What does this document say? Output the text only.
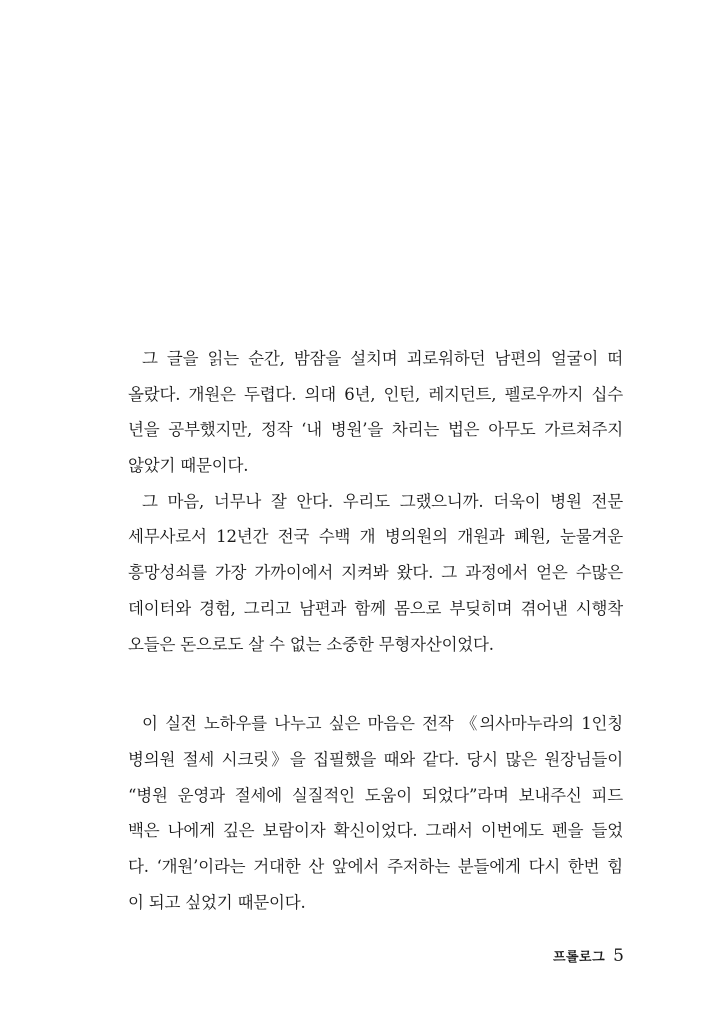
그 글을 읽는 순간, 밤잠을 설치며 괴로워하던 남편의 얼굴이 떠
올랐다. 개원은 두렵다. 의대 6년, 인턴, 레지던트, 펠로우까지 십수
년을 공부했지만, 정작 ‘내 병원’을 차리는 법은 아무도 가르쳐주지
않았기 때문이다.
그 마음, 너무나 잘 안다. 우리도 그랬으니까. 더욱이 병원 전문
세무사로서 12년간 전국 수백 개 병의원의 개원과 폐원, 눈물겨운
흥망성쇠를 가장 가까이에서 지켜봐 왔다. 그 과정에서 얻은 수많은
데이터와 경험, 그리고 남편과 함께 몸으로 부딪히며 겪어낸 시행착
오들은 돈으로도 살 수 없는 소중한 무형자산이었다.
이 실전 노하우를 나누고 싶은 마음은 전작 《의사마누라의 1인칭
병의원 절세 시크릿》을 집필했을 때와 같다. 당시 많은 원장님들이
“병원 운영과 절세에 실질적인 도움이 되었다”라며 보내주신 피드
백은 나에게 깊은 보람이자 확신이었다. 그래서 이번에도 펜을 들었
다. ‘개원’이라는 거대한 산 앞에서 주저하는 분들에게 다시 한번 힘
이 되고 싶었기 때문이다.
프롤로그 5
